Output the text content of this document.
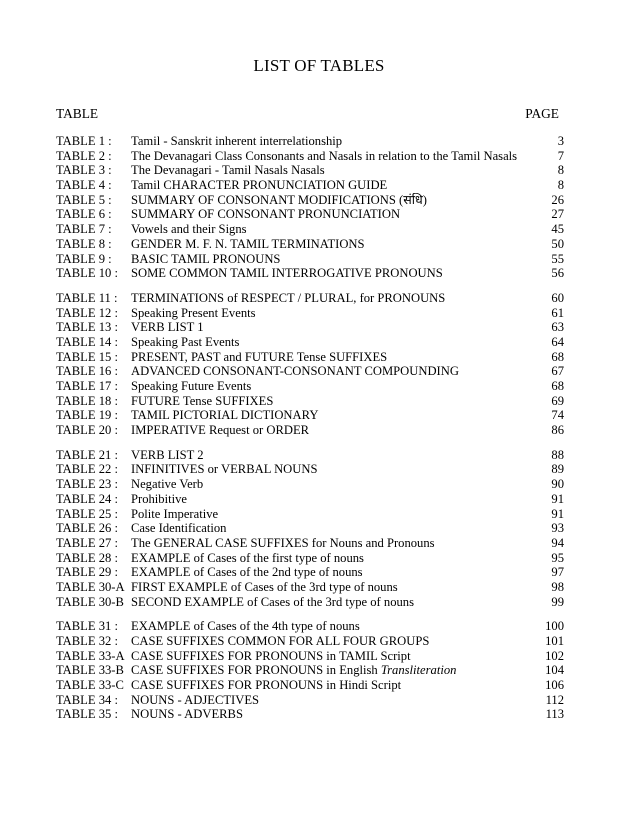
LIST OF TABLES
TABLE	PAGE
TABLE 1 :	Tamil - Sanskrit inherent interrelationship	3
TABLE 2 :	The Devanagari Class Consonants and Nasals in relation to the Tamil Nasals	7
TABLE 3 :	The Devanagari - Tamil Nasals Nasals	8
TABLE 4 :	Tamil CHARACTER PRONUNCIATION GUIDE	8
TABLE 5 :	SUMMARY OF CONSONANT MODIFICATIONS (संधि)	26
TABLE 6 :	SUMMARY OF CONSONANT PRONUNCIATION	27
TABLE 7 :	Vowels and their Signs	45
TABLE 8 :	GENDER M. F. N. TAMIL TERMINATIONS	50
TABLE 9 :	BASIC TAMIL PRONOUNS	55
TABLE 10 :	SOME COMMON TAMIL INTERROGATIVE PRONOUNS	56
TABLE 11 :	TERMINATIONS of RESPECT / PLURAL, for PRONOUNS	60
TABLE 12 :	Speaking Present Events	61
TABLE 13 :	VERB LIST 1	63
TABLE 14 :	Speaking Past Events	64
TABLE 15 :	PRESENT, PAST and FUTURE Tense SUFFIXES	68
TABLE 16 :	ADVANCED CONSONANT-CONSONANT COMPOUNDING	67
TABLE 17 :	Speaking Future Events	68
TABLE 18 :	FUTURE Tense SUFFIXES	69
TABLE 19 :	TAMIL PICTORIAL DICTIONARY	74
TABLE 20 :	IMPERATIVE Request or ORDER	86
TABLE 21 :	VERB LIST 2	88
TABLE 22 :	INFINITIVES or VERBAL NOUNS	89
TABLE 23 :	Negative Verb	90
TABLE 24 :	Prohibitive	91
TABLE 25 :	Polite Imperative	91
TABLE 26 :	Case Identification	93
TABLE 27 :	The GENERAL CASE SUFFIXES for Nouns and Pronouns	94
TABLE 28 :	EXAMPLE of Cases of the first type of nouns	95
TABLE 29 :	EXAMPLE of Cases of the 2nd type of nouns	97
TABLE 30-A FIRST EXAMPLE of Cases of the 3rd type of nouns	98
TABLE 30-B SECOND EXAMPLE of Cases of the 3rd type of nouns	99
TABLE 31 :	EXAMPLE of Cases of the 4th type of nouns	100
TABLE 32 :	CASE SUFFIXES COMMON FOR ALL FOUR GROUPS	101
TABLE 33-A CASE SUFFIXES FOR PRONOUNS in TAMIL Script	102
TABLE 33-B CASE SUFFIXES FOR PRONOUNS in English Transliteration	104
TABLE 33-C CASE SUFFIXES FOR PRONOUNS in Hindi Script	106
TABLE 34 :	NOUNS - ADJECTIVES	112
TABLE 35 :	NOUNS - ADVERBS	113
